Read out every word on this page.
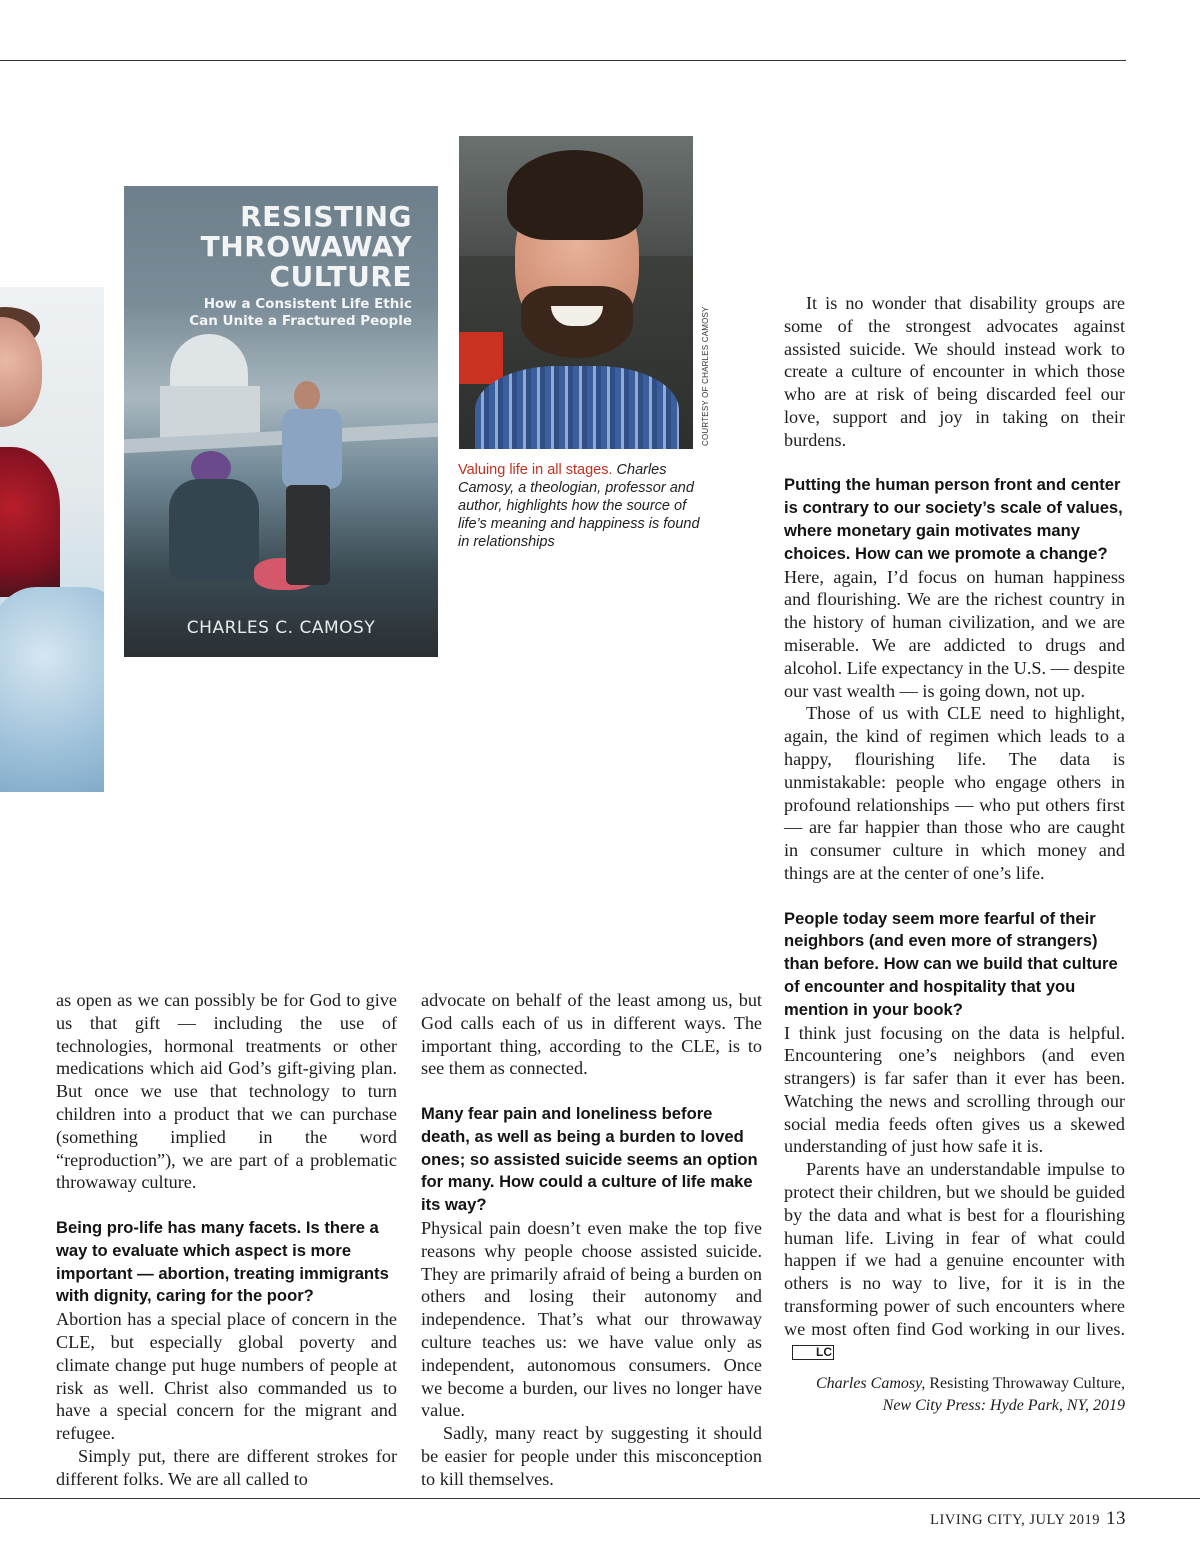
RESISTING
THROWAWAY
CULTURE
How a Consistent Life Ethic
Can Unite a Fractured People
CHARLES C. CAMOSY
COURTESY OF CHARLES CAMOSY
Valuing life in all stages. Charles Camosy, a theologian, professor and author, highlights how the source of life’s meaning and happiness is found in relationships

as open as we can possibly be for God to give us that gift — including the use of technologies, hormonal treatments or other medications which aid God’s gift-giving plan. But once we use that technology to turn children into a product that we can purchase (something implied in the word “reproduction”), we are part of a problematic throwaway culture.

Being pro-life has many facets. Is there a way to evaluate which aspect is more important — abortion, treating immigrants with dignity, caring for the poor?

Abortion has a special place of concern in the CLE, but especially global poverty and climate change put huge numbers of people at risk as well. Christ also commanded us to have a special concern for the migrant and refugee.

Simply put, there are different strokes for different folks. We are all called to

advocate on behalf of the least among us, but God calls each of us in different ways. The important thing, according to the CLE, is to see them as connected.

Many fear pain and loneliness before death, as well as being a burden to loved ones; so assisted suicide seems an option for many. How could a culture of life make its way?

Physical pain doesn’t even make the top five reasons why people choose assisted suicide. They are primarily afraid of being a burden on others and losing their autonomy and independence. That’s what our throwaway culture teaches us: we have value only as independent, autonomous consumers. Once we become a burden, our lives no longer have value.

Sadly, many react by suggesting it should be easier for people under this misconception to kill themselves.

It is no wonder that disability groups are some of the strongest advocates against assisted suicide. We should instead work to create a culture of encounter in which those who are at risk of being discarded feel our love, support and joy in taking on their burdens.

Putting the human person front and center is contrary to our society’s scale of values, where monetary gain motivates many choices. How can we promote a change?

Here, again, I’d focus on human happiness and flourishing. We are the richest country in the history of human civilization, and we are miserable. We are addicted to drugs and alcohol. Life expectancy in the U.S. — despite our vast wealth — is going down, not up.

Those of us with CLE need to highlight, again, the kind of regimen which leads to a happy, flourishing life. The data is unmistakable: people who engage others in profound relationships — who put others first — are far happier than those who are caught in consumer culture in which money and things are at the center of one’s life.

People today seem more fearful of their neighbors (and even more of strangers) than before. How can we build that culture of encounter and hospitality that you mention in your book?

I think just focusing on the data is helpful. Encountering one’s neighbors (and even strangers) is far safer than it ever has been. Watching the news and scrolling through our social media feeds often gives us a skewed understanding of just how safe it is.

Parents have an understandable impulse to protect their children, but we should be guided by the data and what is best for a flourishing human life. Living in fear of what could happen if we had a genuine encounter with others is no way to live, for it is in the transforming power of such encounters where we most often find God working in our lives.LC

Charles Camosy, Resisting Throwaway Culture, New City Press: Hyde Park, NY, 2019

LIVING CITY, JULY 2019 13
